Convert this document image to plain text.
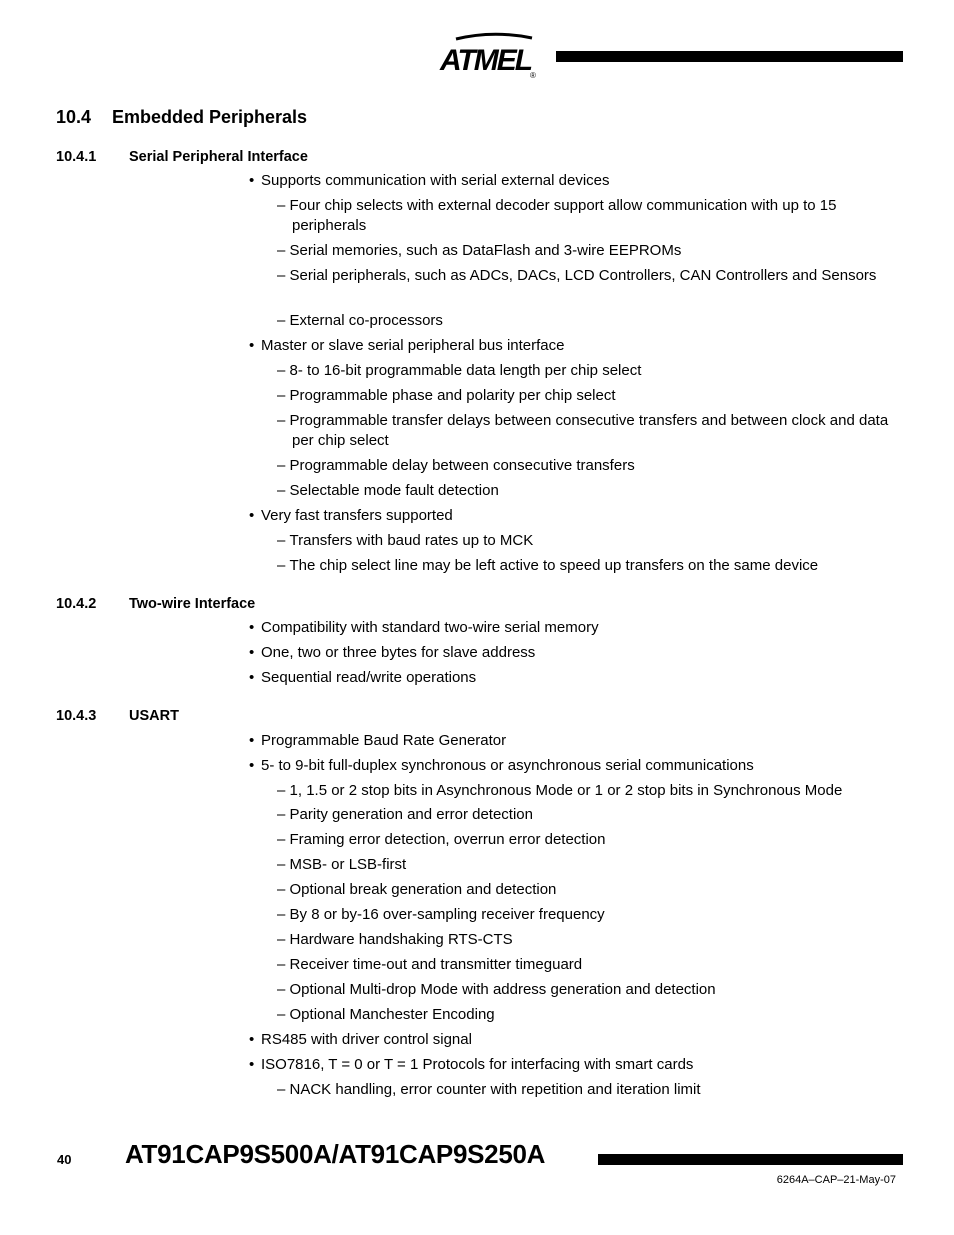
ATMEL
®
10.4 Embedded Peripherals
10.4.1 Serial Peripheral Interface
• Supports communication with serial external devices
– Four chip selects with external decoder support allow communication with up to 15 peripherals
– Serial memories, such as DataFlash and 3-wire EEPROMs
– Serial peripherals, such as ADCs, DACs, LCD Controllers, CAN Controllers and Sensors
– External co-processors
• Master or slave serial peripheral bus interface
– 8- to 16-bit programmable data length per chip select
– Programmable phase and polarity per chip select
– Programmable transfer delays between consecutive transfers and between clock and data per chip select
– Programmable delay between consecutive transfers
– Selectable mode fault detection
• Very fast transfers supported
– Transfers with baud rates up to MCK
– The chip select line may be left active to speed up transfers on the same device
10.4.2 Two-wire Interface
• Compatibility with standard two-wire serial memory
• One, two or three bytes for slave address
• Sequential read/write operations
10.4.3 USART
• Programmable Baud Rate Generator
• 5- to 9-bit full-duplex synchronous or asynchronous serial communications
– 1, 1.5 or 2 stop bits in Asynchronous Mode or 1 or 2 stop bits in Synchronous Mode
– Parity generation and error detection
– Framing error detection, overrun error detection
– MSB- or LSB-first
– Optional break generation and detection
– By 8 or by-16 over-sampling receiver frequency
– Hardware handshaking RTS-CTS
– Receiver time-out and transmitter timeguard
– Optional Multi-drop Mode with address generation and detection
– Optional Manchester Encoding
• RS485 with driver control signal
• ISO7816, T = 0 or T = 1 Protocols for interfacing with smart cards
– NACK handling, error counter with repetition and iteration limit
40 AT91CAP9S500A/AT91CAP9S250A
6264A–CAP–21-May-07
